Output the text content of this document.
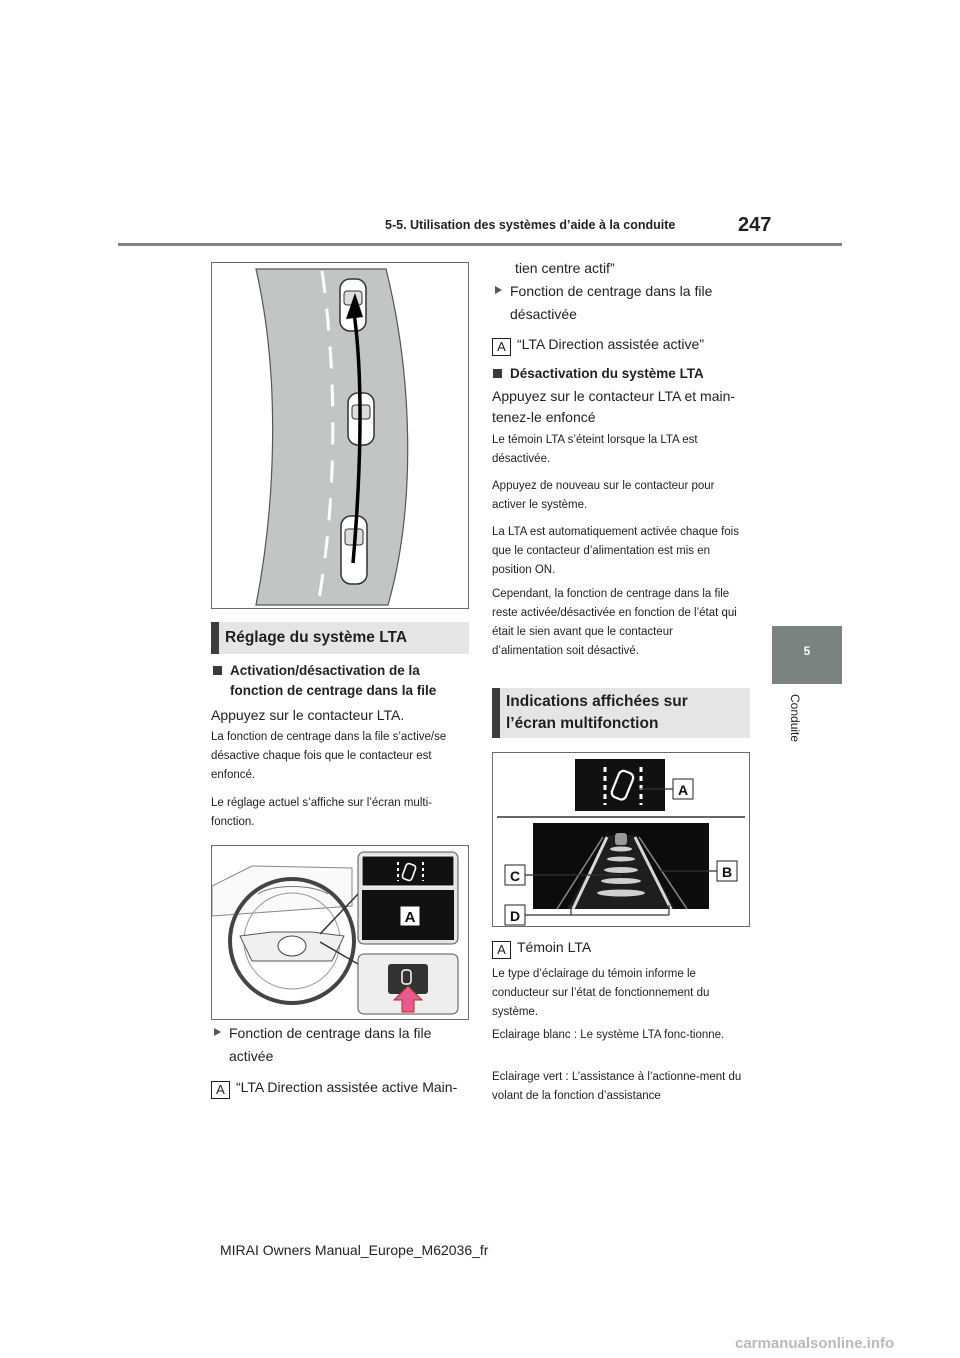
5-5. Utilisation des systèmes d’aide à la conduite	247
5
Conduite
Réglage du système LTA
Activation/désactivation de la fonction de centrage dans la file
Appuyez sur le contacteur LTA.
La fonction de centrage dans la file s’active/se désactive chaque fois que le contacteur est enfoncé.
Le réglage actuel s’affiche sur l’écran multi-fonction.
A
Fonction de centrage dans la file activée
A “LTA Direction assistée active Main-
tien centre actif”
Fonction de centrage dans la file désactivée
A “LTA Direction assistée active”
Désactivation du système LTA
Appuyez sur le contacteur LTA et main-tenez-le enfoncé
Le témoin LTA s’éteint lorsque la LTA est désactivée.
Appuyez de nouveau sur le contacteur pour activer le système.
La LTA est automatiquement activée chaque fois que le contacteur d’alimentation est mis en position ON.
Cependant, la fonction de centrage dans la file reste activée/désactivée en fonction de l’état qui était le sien avant que le contacteur d’alimentation soit désactivé.
Indications affichées sur l’écran multifonction
A
B
C
D
A Témoin LTA
Le type d’éclairage du témoin informe le conducteur sur l’état de fonctionnement du système.
Eclairage blanc : Le système LTA fonc-tionne.
Eclairage vert : L’assistance à l’actionne-ment du volant de la fonction d’assistance
MIRAI Owners Manual_Europe_M62036_fr
carmanualsonline.info
